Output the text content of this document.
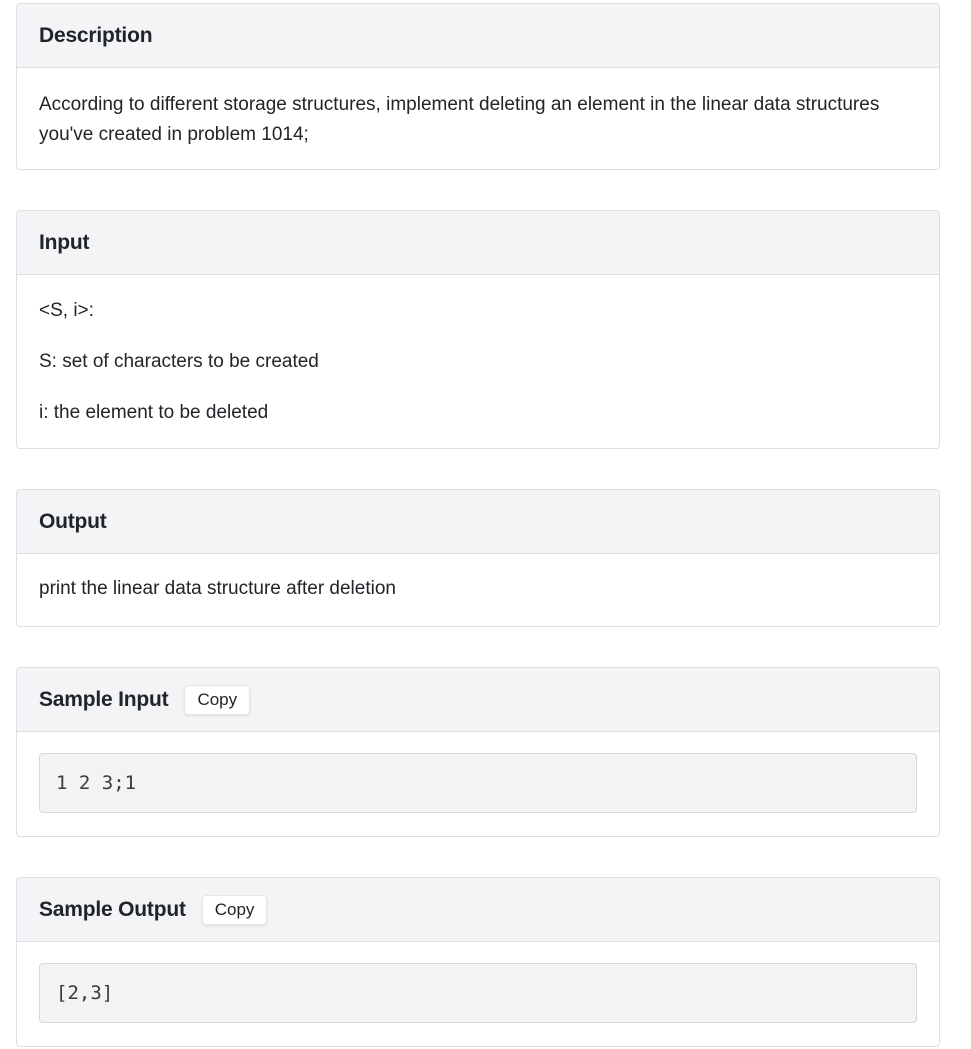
Description

According to different storage structures, implement deleting an element in the linear data structures you've created in problem 1014;

Input

<S, i>:

S: set of characters to be created

i: the element to be deleted

Output

print the linear data structure after deletion

Sample Input	Copy
1 2 3;1
Sample Output	Copy
[2,3]
